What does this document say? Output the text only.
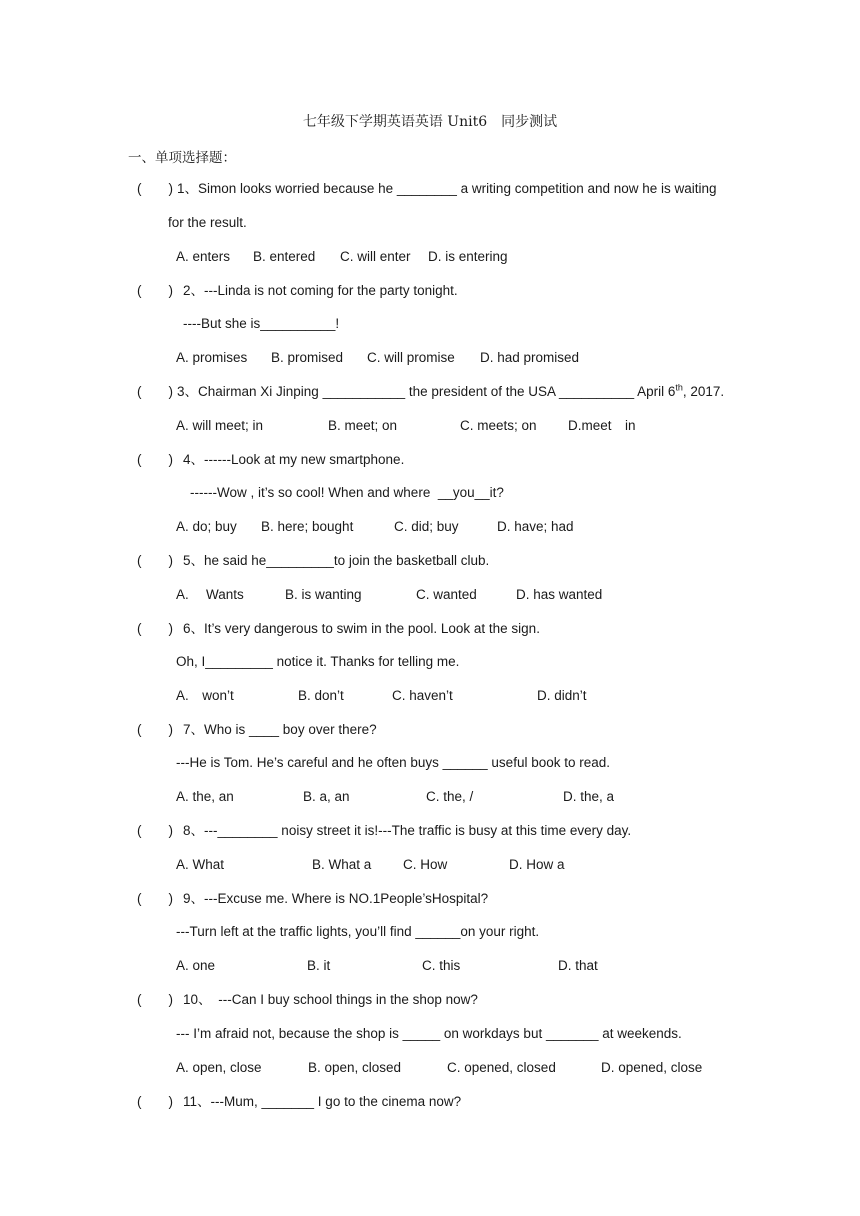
七年级下学期英语英语 Unit6　同步测试
一、单项选择题：
(　　) 1、Simon looks worried because he ________ a writing competition and now he is waiting
for the result.
A. enters B. entered C. will enter D. is entering
(　　) 2、---Linda is not coming for the party tonight.
----But she is__________!
A. promises B. promised C. will promise D. had promised
(　　) 3、Chairman Xi Jinping ___________ the president of the USA __________ April 6th, 2017.
A. will meet; in	B. meet; on	C. meets; on D.meet　in
(　　) 4、------Look at my new smartphone.
------Wow , it’s so cool! When and where  __you__it?
A. do; buy B. here; bought	C. did; buy	D. have; had
(　　) 5、he said he_________to join the basketball club.
A.　 Wants	B. is wanting	C. wanted	D. has wanted
(　　) 6、It’s very dangerous to swim in the pool. Look at the sign.
Oh, I_________ notice it. Thanks for telling me.
A.　won’t	B. don’t	C. haven’t	D. didn’t
(　　) 7、Who is ____ boy over there?
---He is Tom. He’s careful and he often buys ______ useful book to read.
A. the, an	B. a, an	C. the, /	D. the, a
(　　) 8、---________ noisy street it is!---The traffic is busy at this time every day.
A. What	B. What a C. How	D. How a
(　　) 9、---Excuse me. Where is NO.1People’sHospital?
---Turn left at the traffic lights, you’ll find ______on your right.
A. one	B. it	C. this	D. that
(　　) 10、　---Can I buy school things in the shop now?
--- I’m afraid not, because the shop is _____ on workdays but _______ at weekends.
A. open, close	B. open, closed	C. opened, closed	D. opened, close
(　　) 11、---Mum, _______ I go to the cinema now?
